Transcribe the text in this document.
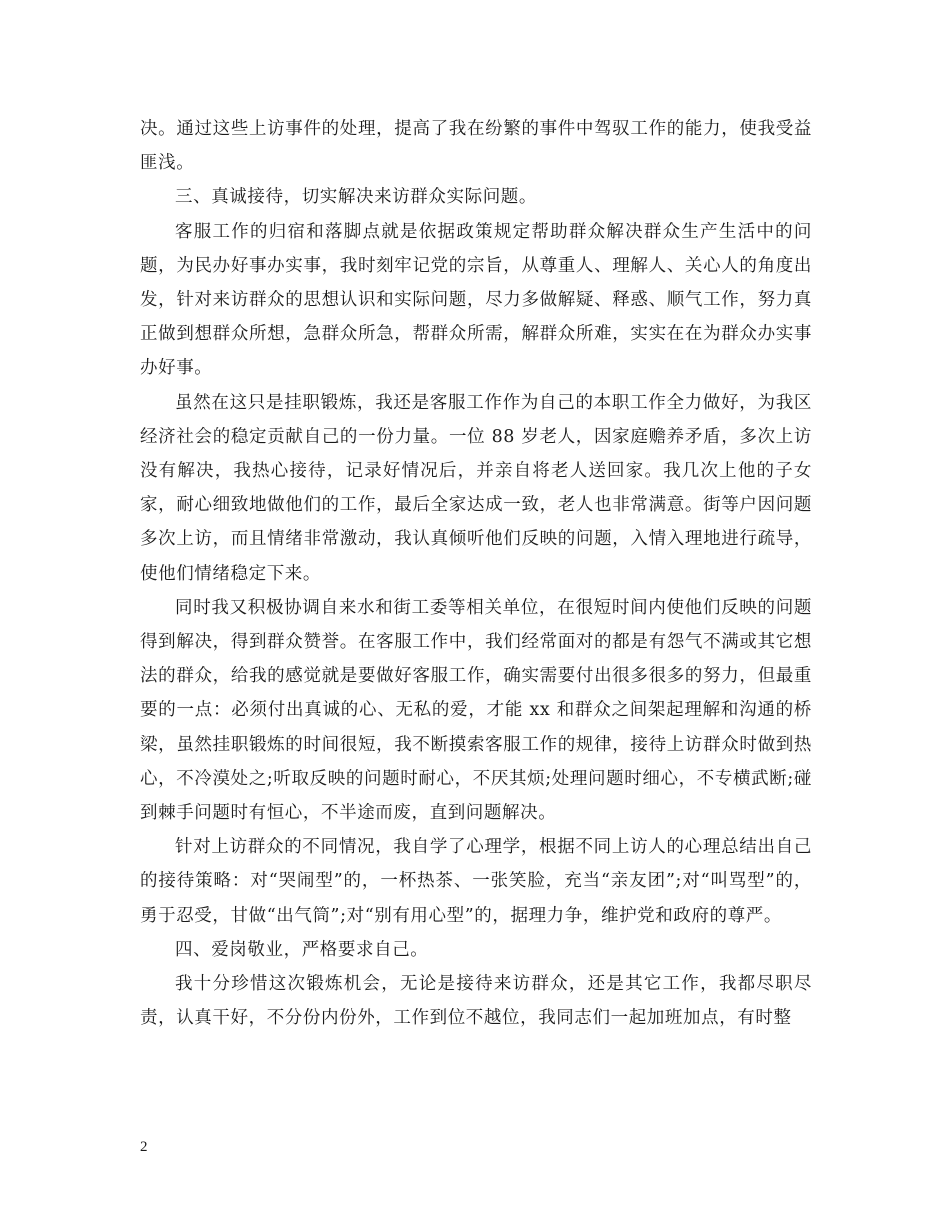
决。通过这些上访事件的处理，提高了我在纷繁的事件中驾驭工作的能力，使我受益匪浅。

三、真诚接待，切实解决来访群众实际问题。

客服工作的归宿和落脚点就是依据政策规定帮助群众解决群众生产生活中的问题，为民办好事办实事，我时刻牢记党的宗旨，从尊重人、理解人、关心人的角度出发，针对来访群众的思想认识和实际问题，尽力多做解疑、释惑、顺气工作，努力真正做到想群众所想，急群众所急，帮群众所需，解群众所难，实实在在为群众办实事办好事。

虽然在这只是挂职锻炼，我还是客服工作作为自己的本职工作全力做好，为我区经济社会的稳定贡献自己的一份力量。一位 88 岁老人，因家庭赡养矛盾，多次上访没有解决，我热心接待，记录好情况后，并亲自将老人送回家。我几次上他的子女家，耐心细致地做他们的工作，最后全家达成一致，老人也非常满意。街等户因问题多次上访，而且情绪非常激动，我认真倾听他们反映的问题，入情入理地进行疏导，使他们情绪稳定下来。

同时我又积极协调自来水和街工委等相关单位，在很短时间内使他们反映的问题得到解决，得到群众赞誉。在客服工作中，我们经常面对的都是有怨气不满或其它想法的群众，给我的感觉就是要做好客服工作，确实需要付出很多很多的努力，但最重要的一点：必须付出真诚的心、无私的爱，才能 xx 和群众之间架起理解和沟通的桥梁，虽然挂职锻炼的时间很短，我不断摸索客服工作的规律，接待上访群众时做到热心，不冷漠处之;听取反映的问题时耐心，不厌其烦;处理问题时细心，不专横武断;碰到棘手问题时有恒心，不半途而废，直到问题解决。

针对上访群众的不同情况，我自学了心理学，根据不同上访人的心理总结出自己的接待策略：对“哭闹型”的，一杯热茶、一张笑脸，充当“亲友团”;对“叫骂型”的，勇于忍受，甘做“出气筒”;对“别有用心型”的，据理力争，维护党和政府的尊严。

四、爱岗敬业，严格要求自己。

我十分珍惜这次锻炼机会，无论是接待来访群众，还是其它工作，我都尽职尽责，认真干好，不分份内份外，工作到位不越位，我同志们一起加班加点，有时整

2
